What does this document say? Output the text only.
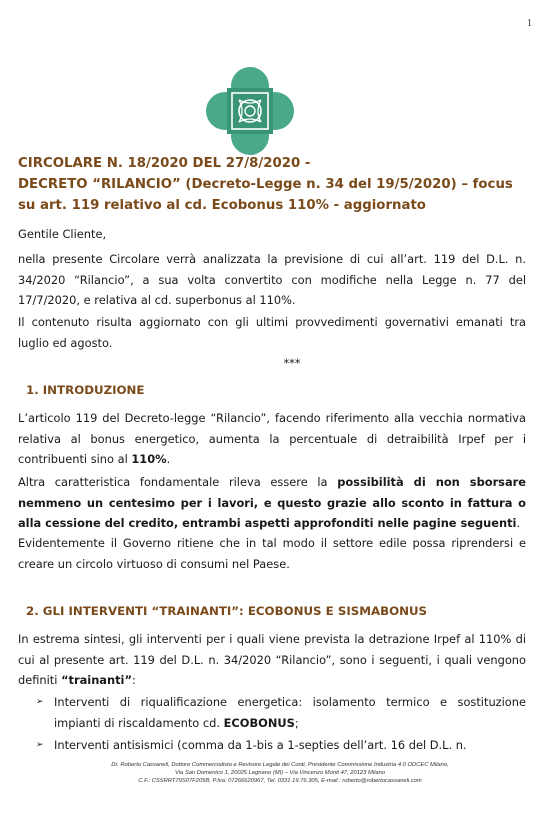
1
CIRCOLARE N. 18/2020 DEL 27/8/2020 -
DECRETO “RILANCIO” (Decreto-Legge n. 34 del 19/5/2020) – focus su art. 119 relativo al cd. Ecobonus 110% - aggiornato
Gentile Cliente,

nella presente Circolare verrà analizzata la previsione di cui all’art. 119 del D.L. n. 34/2020 “Rilancio”, a sua volta convertito con modifiche nella Legge n. 77 del 17/7/2020, e relativa al cd. superbonus al 110%.

Il contenuto risulta aggiornato con gli ultimi provvedimenti governativi emanati tra luglio ed agosto.

***
1. INTRODUZIONE

L’articolo 119 del Decreto-legge “Rilancio”, facendo riferimento alla vecchia normativa relativa al bonus energetico, aumenta la percentuale di detraibilità Irpef per i contribuenti sino al 110%.

Altra caratteristica fondamentale rileva essere la possibilità di non sborsare nemmeno un centesimo per i lavori, e questo grazie allo sconto in fattura o alla cessione del credito, entrambi aspetti approfonditi nelle pagine seguenti.

Evidentemente il Governo ritiene che in tal modo il settore edile possa riprendersi e creare un circolo virtuoso di consumi nel Paese.

2. GLI INTERVENTI “TRAINANTI”: ECOBONUS E SISMABONUS

In estrema sintesi, gli interventi per i quali viene prevista la detrazione Irpef al 110% di cui al presente art. 119 del D.L. n. 34/2020 “Rilancio”, sono i seguenti, i quali vengono definiti “trainanti”:

➢ Interventi di riqualificazione energetica: isolamento termico e sostituzione impianti di riscaldamento cd. ECOBONUS;
➢ Interventi antisismici (comma da 1-bis a 1-septies dell’art. 16 del D.L. n.
Dr. Roberto Cassaneli, Dottore Commercialista e Revisore Legale dei Conti, Presidente Commissione Industria 4.0 ODCEC Milano,
Via San Domenico 1, 20025 Legnano (MI) – Via Vincenzo Monti 47, 20123 Milano
C.F.: CSSRRT79S07F205B, P.Iva: 07266620967, Tel. 0331.19.76.305, E-mail : roberto@robertocassaneli.com
